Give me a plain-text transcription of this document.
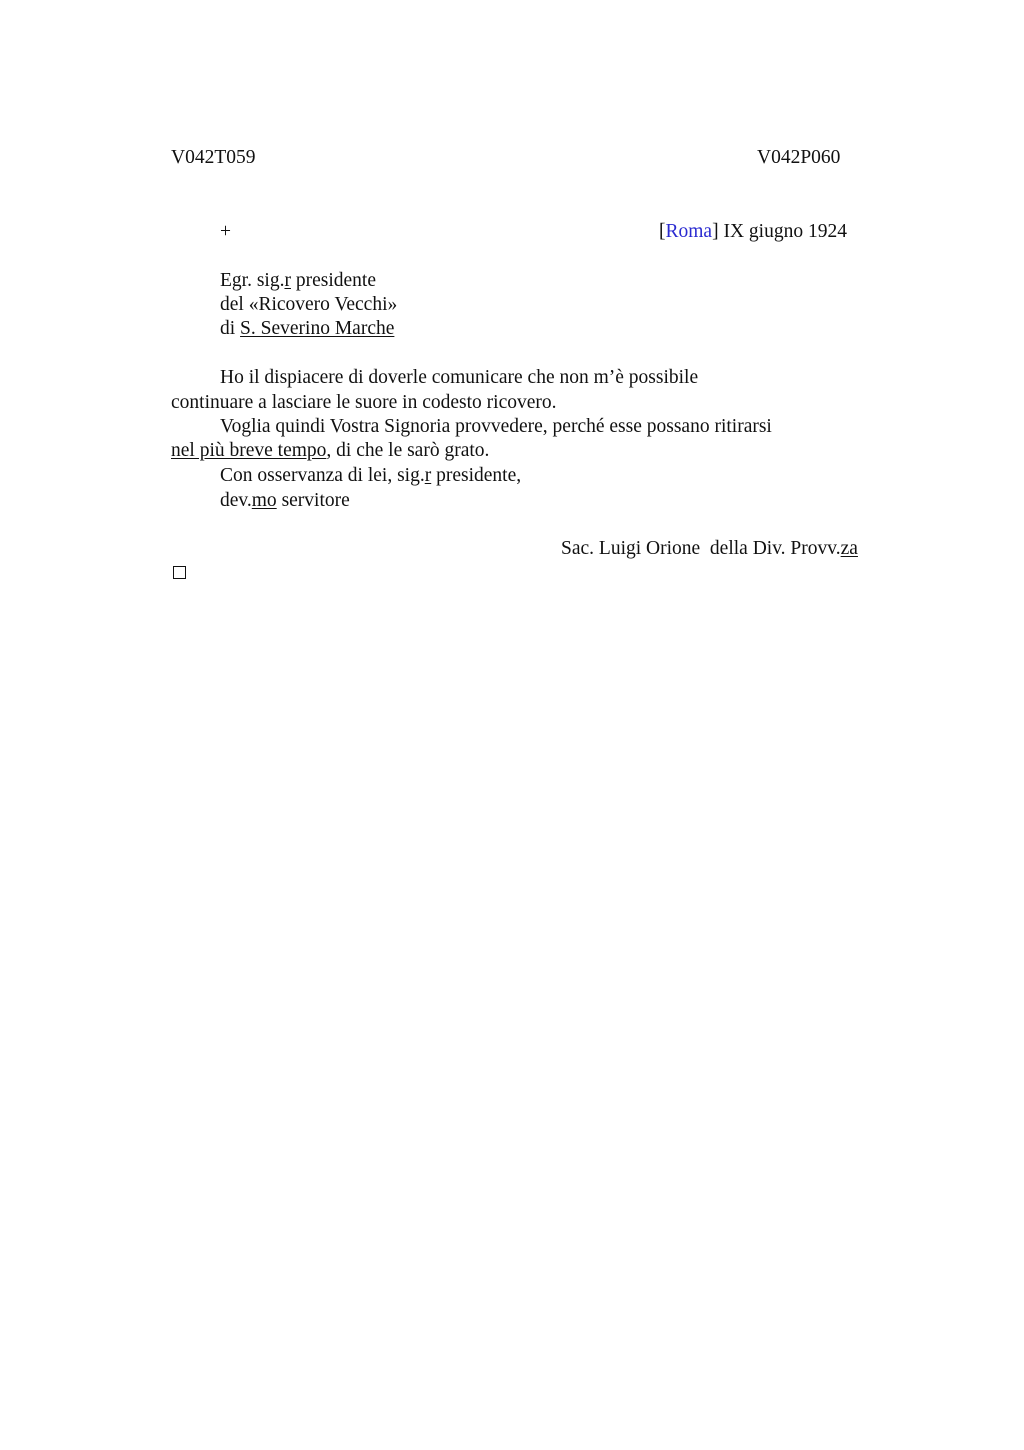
V042T059	V042P060
+	[Roma] IX giugno 1924
Egr. sig.r presidente
del «Ricovero Vecchi»
di S. Severino Marche
Ho il dispiacere di doverle comunicare che non m’è possibile
continuare a lasciare le suore in codesto ricovero.
Voglia quindi Vostra Signoria provvedere, perché esse possano ritirarsi
nel più breve tempo, di che le sarò grato.
Con osservanza di lei, sig.r presidente,
dev.mo servitore
Sac. Luigi Orione  della Div. Provv.za
